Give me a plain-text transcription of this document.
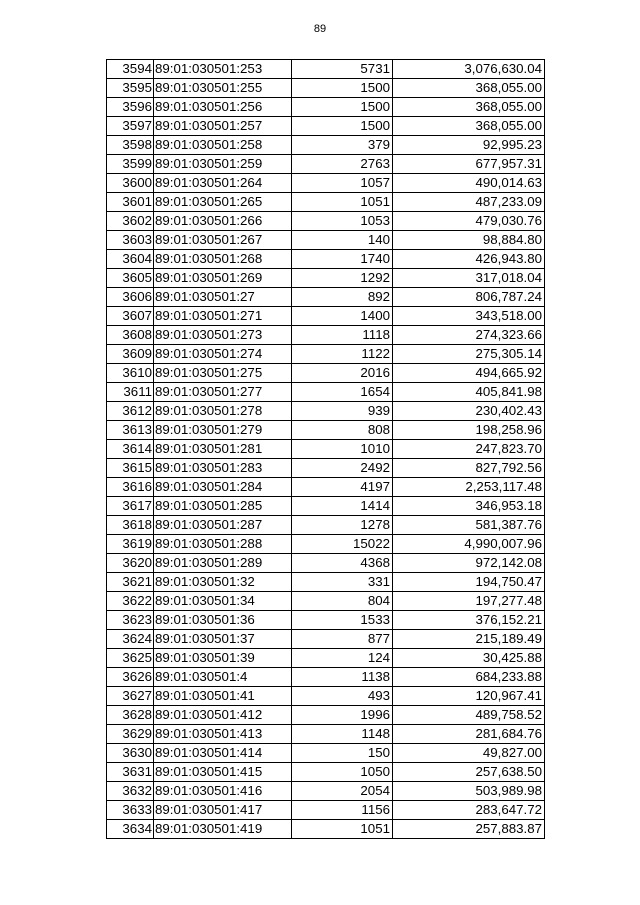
89
3594	89:01:030501:253	5731	3,076,630.04
3595	89:01:030501:255	1500	368,055.00
3596	89:01:030501:256	1500	368,055.00
3597	89:01:030501:257	1500	368,055.00
3598	89:01:030501:258	379	92,995.23
3599	89:01:030501:259	2763	677,957.31
3600	89:01:030501:264	1057	490,014.63
3601	89:01:030501:265	1051	487,233.09
3602	89:01:030501:266	1053	479,030.76
3603	89:01:030501:267	140	98,884.80
3604	89:01:030501:268	1740	426,943.80
3605	89:01:030501:269	1292	317,018.04
3606	89:01:030501:27	892	806,787.24
3607	89:01:030501:271	1400	343,518.00
3608	89:01:030501:273	1118	274,323.66
3609	89:01:030501:274	1122	275,305.14
3610	89:01:030501:275	2016	494,665.92
3611	89:01:030501:277	1654	405,841.98
3612	89:01:030501:278	939	230,402.43
3613	89:01:030501:279	808	198,258.96
3614	89:01:030501:281	1010	247,823.70
3615	89:01:030501:283	2492	827,792.56
3616	89:01:030501:284	4197	2,253,117.48
3617	89:01:030501:285	1414	346,953.18
3618	89:01:030501:287	1278	581,387.76
3619	89:01:030501:288	15022	4,990,007.96
3620	89:01:030501:289	4368	972,142.08
3621	89:01:030501:32	331	194,750.47
3622	89:01:030501:34	804	197,277.48
3623	89:01:030501:36	1533	376,152.21
3624	89:01:030501:37	877	215,189.49
3625	89:01:030501:39	124	30,425.88
3626	89:01:030501:4	1138	684,233.88
3627	89:01:030501:41	493	120,967.41
3628	89:01:030501:412	1996	489,758.52
3629	89:01:030501:413	1148	281,684.76
3630	89:01:030501:414	150	49,827.00
3631	89:01:030501:415	1050	257,638.50
3632	89:01:030501:416	2054	503,989.98
3633	89:01:030501:417	1156	283,647.72
3634	89:01:030501:419	1051	257,883.87
